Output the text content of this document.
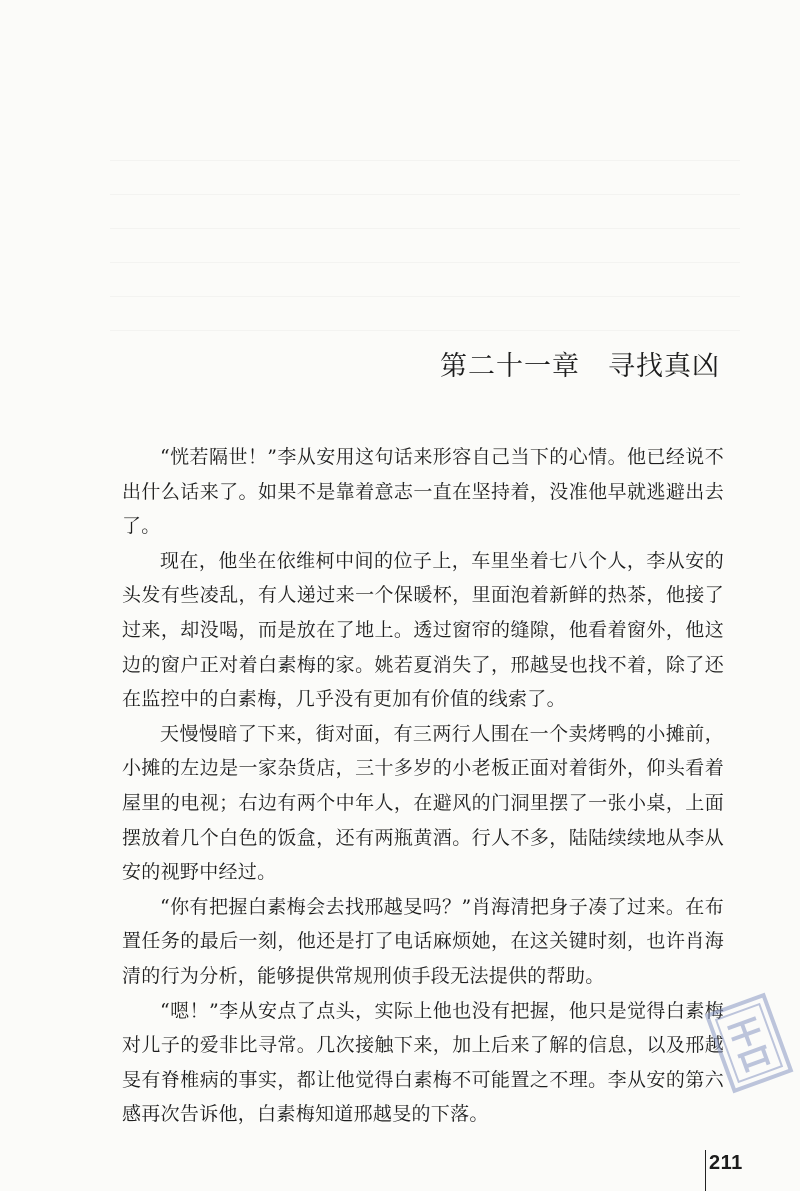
第二十一章　寻找真凶

“恍若隔世！”李从安用这句话来形容自己当下的心情。他已经说不出什么话来了。如果不是靠着意志一直在坚持着，没准他早就逃避出去了。

现在，他坐在依维柯中间的位子上，车里坐着七八个人，李从安的头发有些凌乱，有人递过来一个保暖杯，里面泡着新鲜的热茶，他接了过来，却没喝，而是放在了地上。透过窗帘的缝隙，他看着窗外，他这边的窗户正对着白素梅的家。姚若夏消失了，邢越旻也找不着，除了还在监控中的白素梅，几乎没有更加有价值的线索了。

天慢慢暗了下来，街对面，有三两行人围在一个卖烤鸭的小摊前，小摊的左边是一家杂货店，三十多岁的小老板正面对着街外，仰头看着屋里的电视；右边有两个中年人，在避风的门洞里摆了一张小桌，上面摆放着几个白色的饭盒，还有两瓶黄酒。行人不多，陆陆续续地从李从安的视野中经过。

“你有把握白素梅会去找邢越旻吗？”肖海清把身子凑了过来。在布置任务的最后一刻，他还是打了电话麻烦她，在这关键时刻，也许肖海清的行为分析，能够提供常规刑侦手段无法提供的帮助。

“嗯！”李从安点了点头，实际上他也没有把握，他只是觉得白素梅对儿子的爱非比寻常。几次接触下来，加上后来了解的信息，以及邢越旻有脊椎病的事实，都让他觉得白素梅不可能置之不理。李从安的第六感再次告诉他，白素梅知道邢越旻的下落。

211
